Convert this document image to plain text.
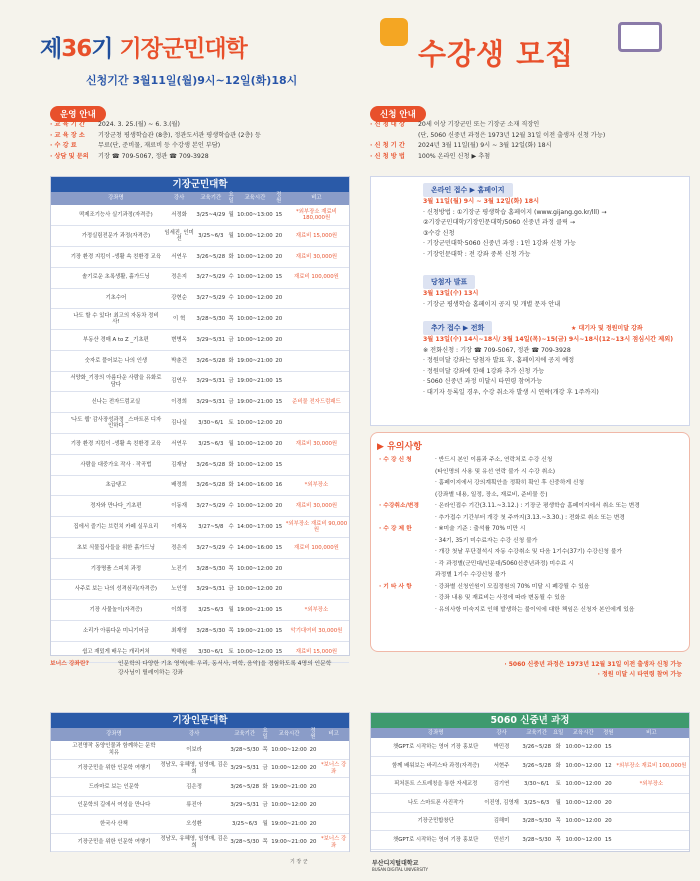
제36기 기장군민대학
신청기간 3월11일(월)9시~12일(화)18시
수강생 모집
운영 안내
· 교 육 기 간 2024. 3. 25.(월) ~ 6. 3.(월)
· 교 육 장 소 기장군청 평생학습관 (8층), 정관도서관 평생학습관 (2층) 등
· 수 강 료	무료(단, 준비물, 재료비 등 수강생 본인 부담)
· 상담 및 문의 기장 ☎ 709-5067, 정관 ☎ 709-3928
신청 안내
· 신 청 대 상 20세 이상 기장군민 또는 기장군 소재 직장인
(단, 5060 신중년 과정은 1973년 12월 31일 이전 출생자 신청 가능)
· 신 청 기 간 2024년 3월 11일(월) 9시 ~ 3월 12일(화) 18시
· 신 청 방 법 100% 온라인 신청 ▶ 추첨
기장군민대학
	강좌명	강사	교육기간	요일	교육시간	정원	비고
	떡제조기능사 실기과정(자격증)	서정화	3/25~4/29	월	10:00~13:00	15	*외부장소 재료비 180,000원
	가정실림전문가 과정(자격증)	임세진, 인미선	3/25~6/3	월	10:00~12:00	20	재료비 15,000원
	기장 환경 지킴이 -생활 속 친환경 교육	서연우	3/26~5/28	화	10:00~12:00	20	재료비 30,000원
	솔기로운 초록생활, 흙가드닝	정은지	3/27~5/29	수	10:00~12:00	15	재료비 100,000원
	기초수어	강현순	3/27~5/29	수	10:00~12:00	20	
	나도 할 수 있다! 최고의 자동차 정비사!	이 혁	3/28~5/30	목	10:00~12:00	20	
	부동산 경매 A to Z _기초편	변병옥	3/29~5/31	금	10:00~12:00	20	
	숫자로 풀어보는 나의 인생	박춘건	3/26~5/28	화	19:00~21:00	20	
	서양화_기장의 아름다운 사람을 유화로 담다	김연우	3/29~5/31	금	19:00~21:00	15	
	신나는 전자드럼교실	이경희	3/29~5/31	금	19:00~21:00	15	준비물 전자드럼패드
	'나도 웹' 감사장성과정 _스마트폰 디자인하다	김나실	3/30~6/1	토	10:00~12:00	20	
	기장 환경 지킴이 -생활 속 친환경 교육	서연우	3/25~6/3	월	10:00~12:00	20	재료비 30,000원
	사람을 대중가요 작사 · 작곡법	김재남	3/26~5/28	화	10:00~12:00	15	
	초급탱고	배정희	3/26~5/28	화	14:00~16:00	16	*외부장소
	정자와 만나다_기초편	이동재	3/27~5/29	수	10:00~12:00	20	재료비 30,000원
	집에서 즐기는 브런치 카페 실무요리	이재옥	3/27~5/8	수	14:00~17:00	15	*외부장소 재료비 90,000원
	초보 식물집사들을 위한 흙가드닝	정은지	3/27~5/29	수	14:00~16:00	15	재료비 100,000원
	기장명품 스피치 과정	노진기	3/28~5/30	목	10:00~12:00	20	
	사주로 보는 나의 성격심리(자격증)	노인영	3/29~5/31	금	10:00~12:00	20	
	기장 사물놀이(자격증)	이희정	3/25~6/3	월	19:00~21:00	15	*외부장소
	소리가 아름다운 미니기어금	최재영	3/28~5/30	목	19:00~21:00	15	악기대여비 30,000원
	쉽고 재밌게 배우는 캐리커처	박해원	3/30~6/1	토	10:00~12:00	15	재료비 15,000원
보너스 강좌란?	인문학의 다양한 기초 영역(예: 우리, 동서사, 미학, 음악)을 경험하도록 4명의 인문학 강사님이 릴레이하는 강좌
온라인 접수 ▶ 홈페이지
3월 11일(월) 9시 ~ 3월 12일(화) 18시
· 신청방법 : ①기장군 평생학습 홈페이지 (www.gijang.go.kr/lll) →
②기장군민대학/기장인문대학/5060 신중년 과정 클릭 →
③수강 신청
· 기장군민대학·5060 신중년 과정 : 1인 1강좌 신청 가능
· 기장인문대학 : 전 강좌 중복 신청 가능
당첨자 발표
3월 13일(수) 13시
· 기장군 평생학습 홈페이지 공지 및 개별 문자 안내
추가 접수 ▶ 전화	★ 대기자 및 정원미달 강좌
3월 13일(수) 14시~18시/ 3월 14일(목)~15(금) 9시~18시(12~13시 점심시간 제외)
※ 전화신청 : 기장 ☎ 709-5067, 정관 ☎ 709-3928
· 정원미달 강좌는 당첨자 발표 후, 홈페이지에 공지 예정
· 정원미달 강좌에 한해 1강좌 추가 신청 가능
· 5060 신중년 과정 미달시 타연령 참여가능
· 대기자 등록일 경우, 수강 취소자 발생 시 연락(개강 후 1주까지)
▶ 유의사항
· 수 강 신 청	· 반드시 본인 이름과 주소, 연락처로 수강 신청
(타인명의 사용 및 유선 연락 불가 시 수강 취소)
· 홈페이지에서 강의계획안을 정확히 확인 후 신중하게 신청
(강좌별 내용, 일정, 장소, 재료비, 준비물 등)
· 수강취소/변경	· 온라인접수 기간(3.11.~3.12.) : 기장군 평생학습 홈페이지에서 취소 또는 변경
· 추가접수 기간부터 개강 첫 주까지(3.13.~3.30.) : 전화로 취소 또는 변경
· 수 강 제 한	· ※미술 기준 : 출석률 70% 미만 시
· 34기, 35기 미수료자는 수강 신청 불가
· 개강 첫날 무단결석시 자동 수강취소 및 다음 1기수(37기) 수강신청 불가
· 각 과정별(군민대/인문대/5060신중년과정) 미수료 시
과정별 1기수 수강신청 불가
· 기 타 사 항	· 강좌별 신청인원이 모집정원의 70% 미달 시 폐강될 수 있음
· 강좌 내용 및 재료비는 사정에 따라 변동될 수 있음
· 유의사항 미숙지로 인해 발생하는 불이익에 대한 책임은 신청자 본인에게 있음
· 5060 신중년 과정은 1973년 12월 31일 이전 출생자 신청 가능
· 정원 미달 시 타연령 참여 가능
기장인문대학
	강좌명	강사	교육기간	요일	교육시간	정원	비고
	고전명작 동양인물과 함께하는 문학치유	이보라	3/28~5/30	목	10:00~12:00	20	
	기장군민을 위한 인문학 여행기	정남모, 유혜영, 임영매, 김은희	3/29~5/31	금	10:00~12:00	20	*보너스 강좌
	드라마로 보는 인문학	김은정	3/26~5/28	화	19:00~21:00	20	
	인문학의 길에서 여성을 만나다	류진아	3/29~5/31	금	10:00~12:00	20	
	한국사 산책	오성환	3/25~6/3	월	19:00~21:00	20	
	기장군민을 위한 인문학 여행기	정남모, 유혜영, 임영매, 김은희	3/28~5/30	목	19:00~21:00	20	*보너스 강좌
5060 신중년 과정
	강좌명	강사	교육기간	요일	교육시간	정원	비고
	챗GPT로 시작하는 영어 기장 홍보단	박민경	3/26~5/28	화	10:00~12:00	15	
	함께 배워보는 바리스타 과정(자격증)	서현주	3/26~5/28	화	10:00~12:00	12	*외부장소 재료비 100,000원
	픽처톤트 스트레칭을 통한 자세교정	김기연	3/30~6/1	토	10:00~12:00	20	*외부장소
	나도 스마트폰 사진작가	이진영, 김영재	3/25~6/3	월	10:00~12:00	20	
	기장군민합창단	김해미	3/28~5/30	목	10:00~12:00	20	
	챗GPT로 시작하는 영어 기장 홍보단	민선기	3/28~5/30	목	10:00~12:00	15	
기 장 군	부산디지털대학교
BUSAN DIGITAL UNIVERSITY
